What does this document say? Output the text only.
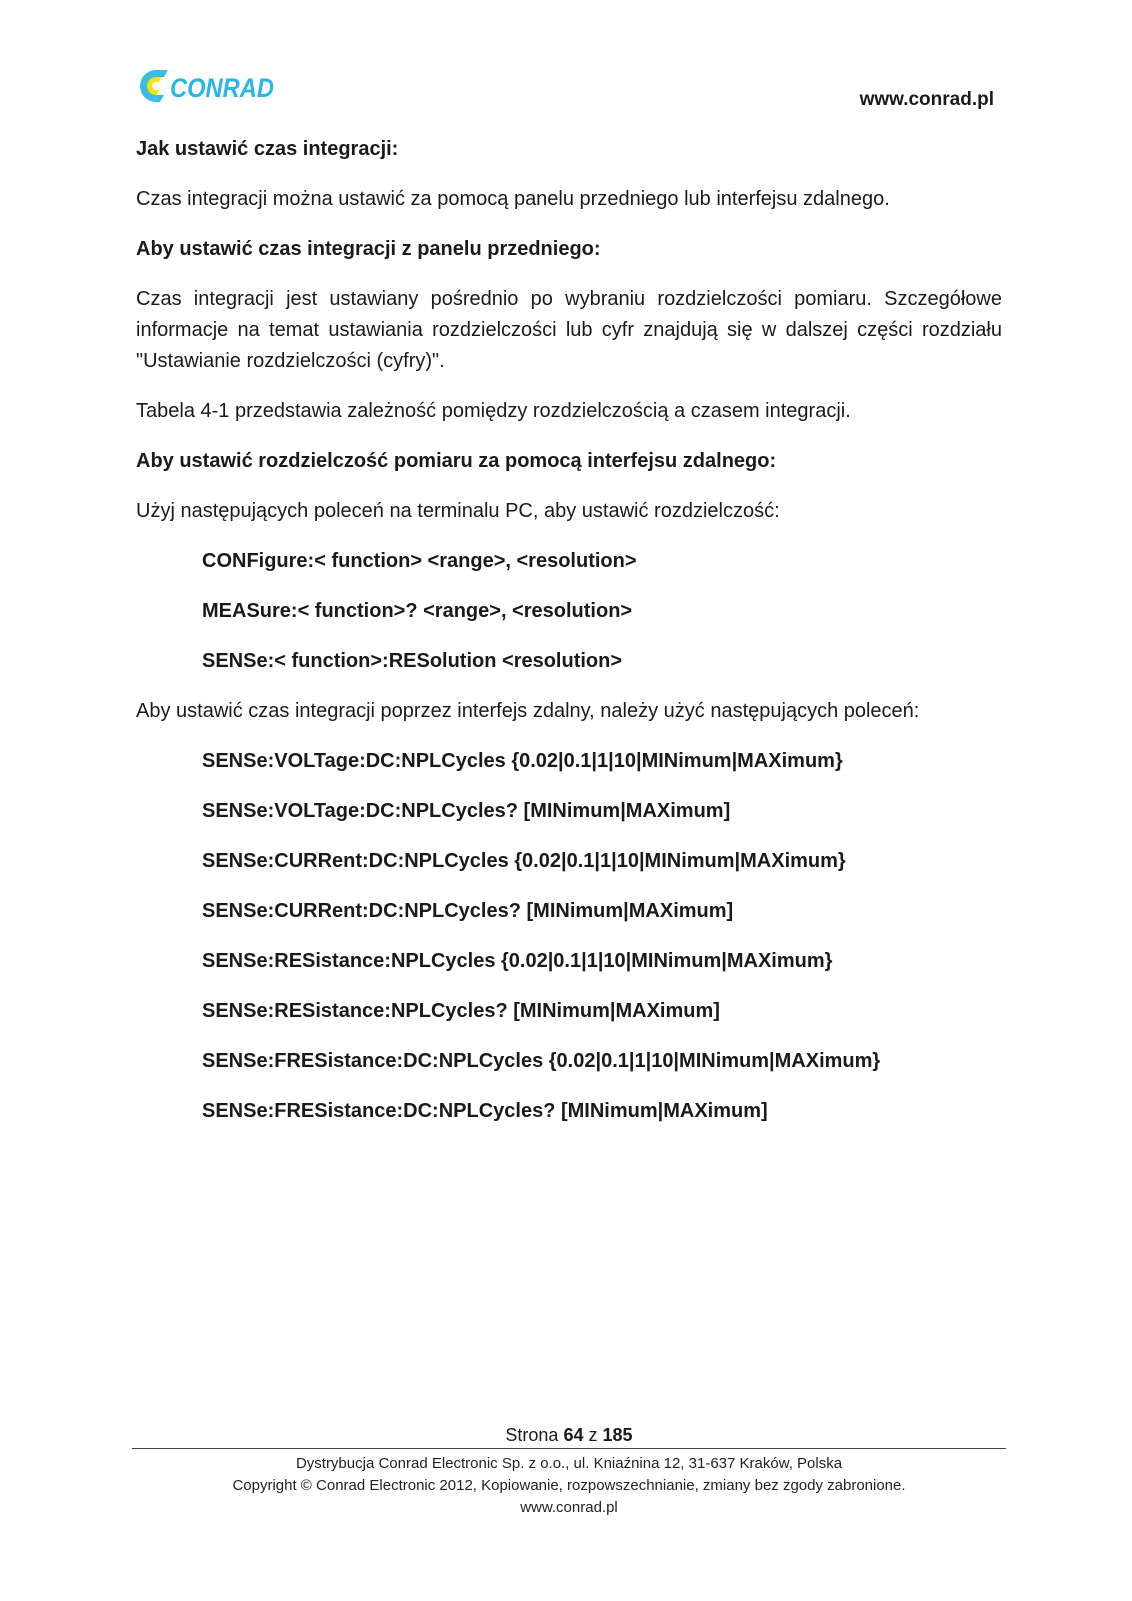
CONRAD	www.conrad.pl

Jak ustawić czas integracji:

Czas integracji można ustawić za pomocą panelu przedniego lub interfejsu zdalnego.

Aby ustawić czas integracji z panelu przedniego:

Czas integracji jest ustawiany pośrednio po wybraniu rozdzielczości pomiaru. Szczegółowe informacje na temat ustawiania rozdzielczości lub cyfr znajdują się w dalszej części rozdziału "Ustawianie rozdzielczości (cyfry)".

Tabela 4-1 przedstawia zależność pomiędzy rozdzielczością a czasem integracji.

Aby ustawić rozdzielczość pomiaru za pomocą interfejsu zdalnego:

Użyj następujących poleceń na terminalu PC, aby ustawić rozdzielczość:

CONFigure:< function> <range>, <resolution>

MEASure:< function>? <range>, <resolution>

SENSe:< function>:RESolution <resolution>

Aby ustawić czas integracji poprzez interfejs zdalny, należy użyć następujących poleceń:

SENSe:VOLTage:DC:NPLCycles {0.02|0.1|1|10|MINimum|MAXimum}

SENSe:VOLTage:DC:NPLCycles? [MINimum|MAXimum]

SENSe:CURRent:DC:NPLCycles {0.02|0.1|1|10|MINimum|MAXimum}

SENSe:CURRent:DC:NPLCycles? [MINimum|MAXimum]

SENSe:RESistance:NPLCycles {0.02|0.1|1|10|MINimum|MAXimum}

SENSe:RESistance:NPLCycles? [MINimum|MAXimum]

SENSe:FRESistance:DC:NPLCycles {0.02|0.1|1|10|MINimum|MAXimum}

SENSe:FRESistance:DC:NPLCycles? [MINimum|MAXimum]

Strona 64 z 185
Dystrybucja Conrad Electronic Sp. z o.o., ul. Kniaźnina 12, 31-637 Kraków, Polska
Copyright © Conrad Electronic 2012, Kopiowanie, rozpowszechnianie, zmiany bez zgody zabronione.
www.conrad.pl
